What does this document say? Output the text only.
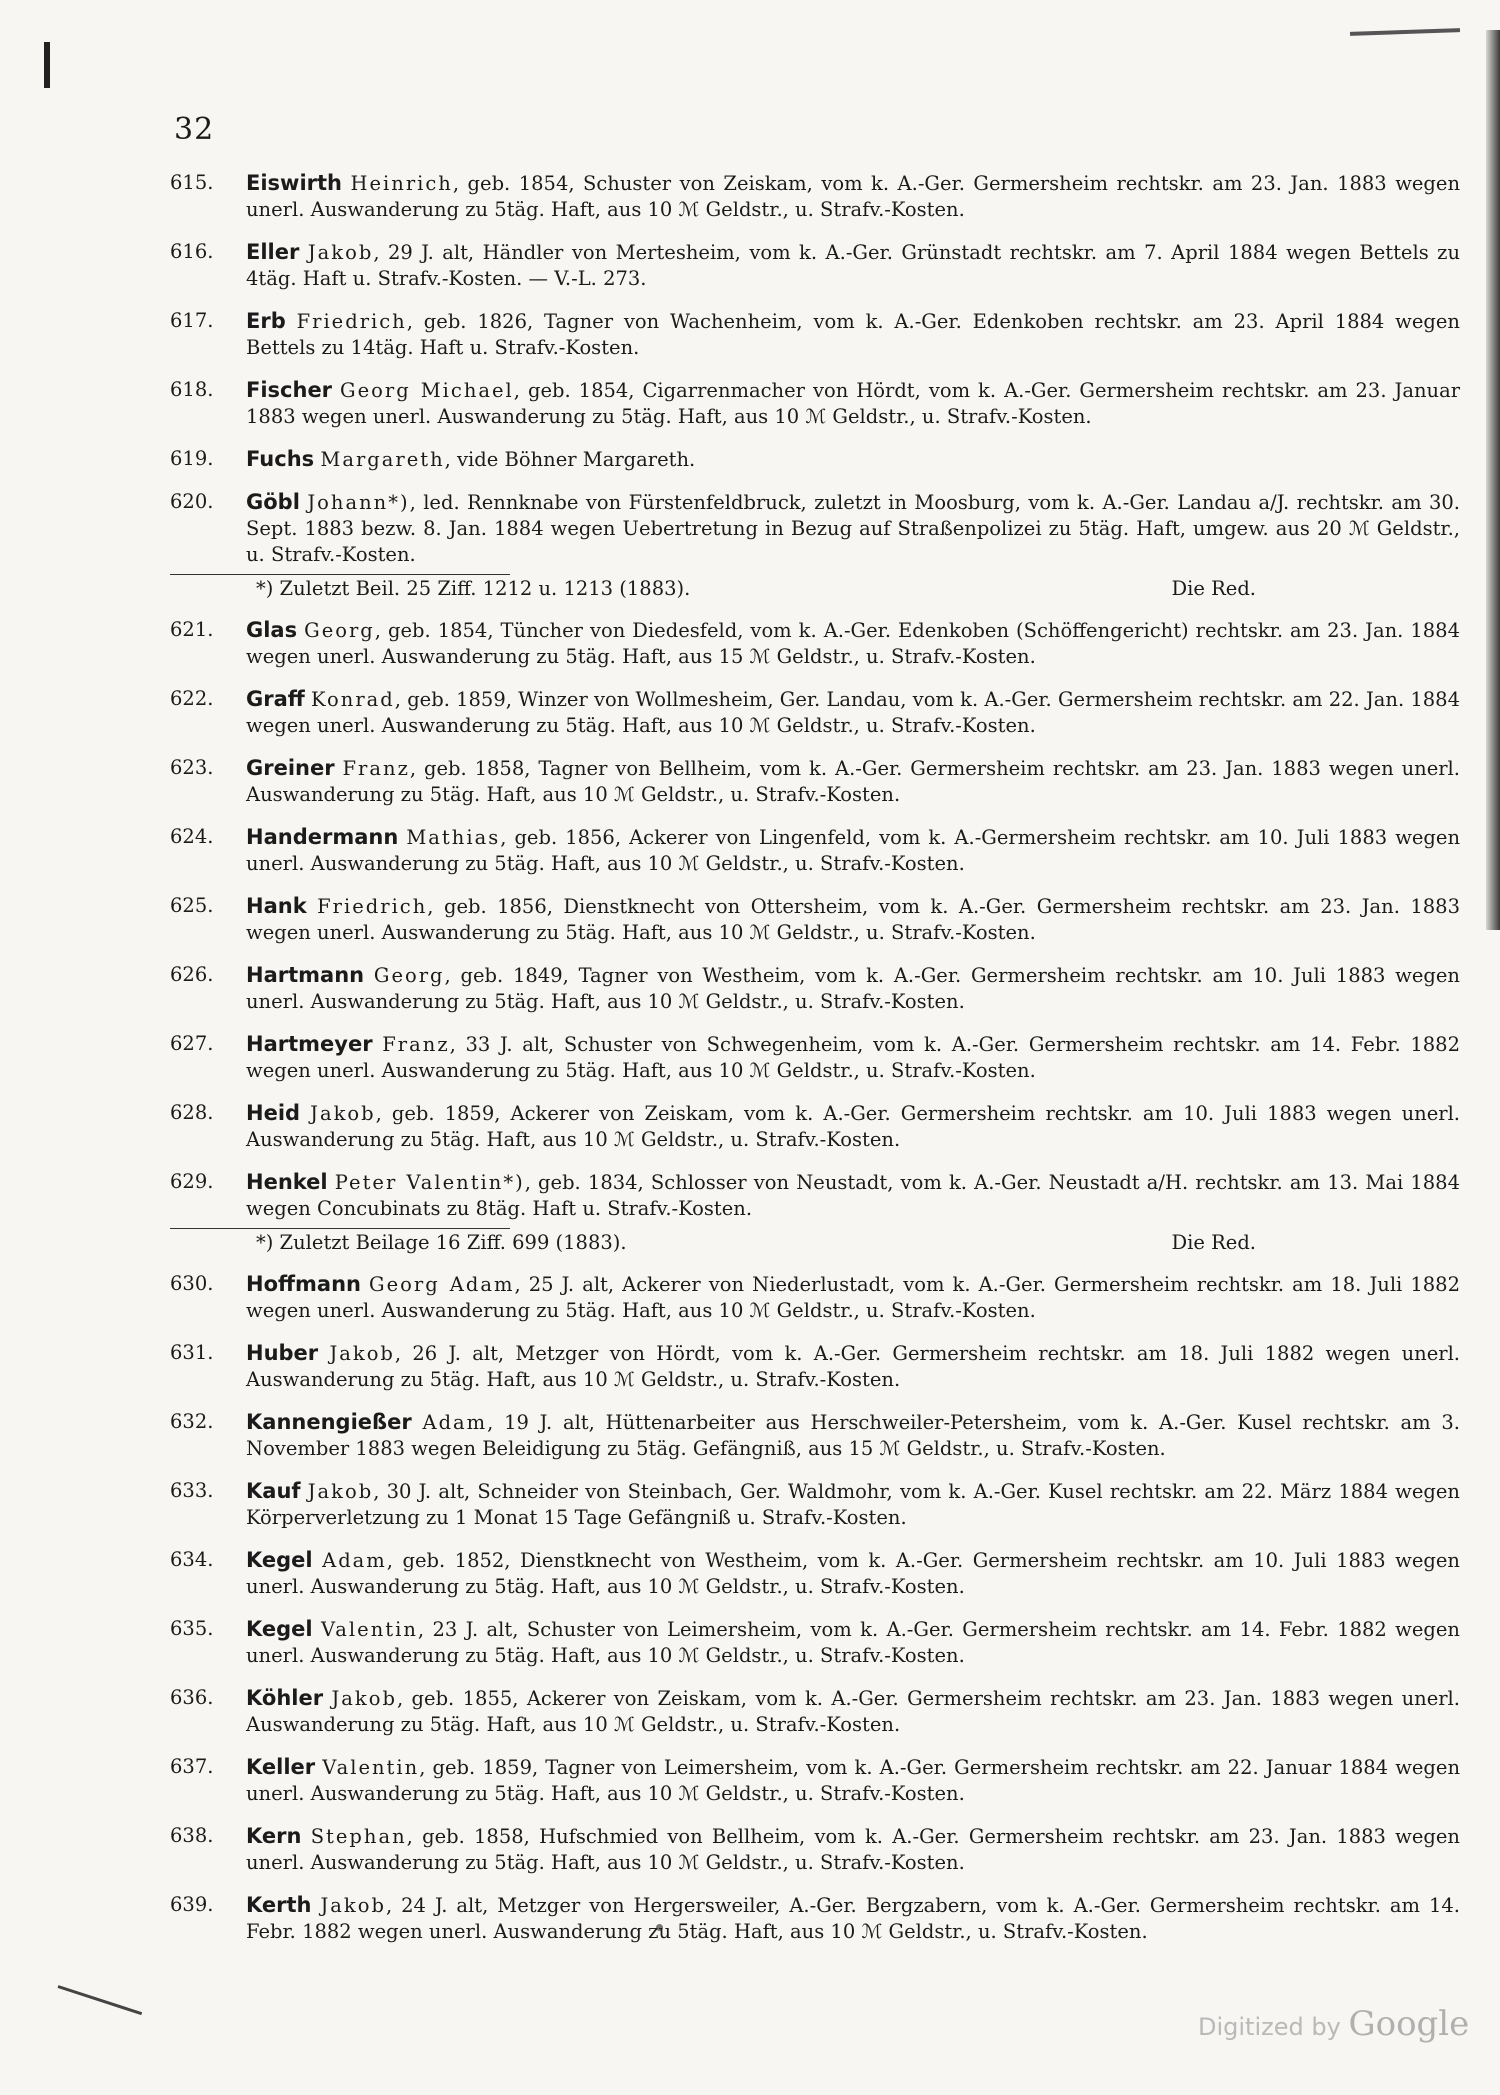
32
615.	Eiswirth Heinrich, geb. 1854, Schuster von Zeiskam, vom k. A.-Ger. Germersheim rechtskr. am 23. Jan. 1883 wegen unerl. Auswanderung zu 5täg. Haft, aus 10 ℳ Geldstr., u. Strafv.-Kosten.
616.	Eller Jakob, 29 J. alt, Händler von Mertesheim, vom k. A.-Ger. Grünstadt rechtskr. am 7. April 1884 wegen Bettels zu 4täg. Haft u. Strafv.-Kosten. — V.-L. 273.
617.	Erb Friedrich, geb. 1826, Tagner von Wachenheim, vom k. A.-Ger. Edenkoben rechtskr. am 23. April 1884 wegen Bettels zu 14täg. Haft u. Strafv.-Kosten.
618.	Fischer Georg Michael, geb. 1854, Cigarrenmacher von Hördt, vom k. A.-Ger. Germersheim rechtskr. am 23. Januar 1883 wegen unerl. Auswanderung zu 5täg. Haft, aus 10 ℳ Geldstr., u. Strafv.-Kosten.
619.	Fuchs Margareth, vide Böhner Margareth.
620.	Göbl Johann*), led. Rennknabe von Fürstenfeldbruck, zuletzt in Moosburg, vom k. A.-Ger. Landau a/J. rechtskr. am 30. Sept. 1883 bezw. 8. Jan. 1884 wegen Uebertretung in Bezug auf Straßenpolizei zu 5täg. Haft, umgew. aus 20 ℳ Geldstr., u. Strafv.-Kosten.
*) Zuletzt Beil. 25 Ziff. 1212 u. 1213 (1883).	Die Red.
621.	Glas Georg, geb. 1854, Tüncher von Diedesfeld, vom k. A.-Ger. Edenkoben (Schöffengericht) rechtskr. am 23. Jan. 1884 wegen unerl. Auswanderung zu 5täg. Haft, aus 15 ℳ Geldstr., u. Strafv.-Kosten.
622.	Graff Konrad, geb. 1859, Winzer von Wollmesheim, Ger. Landau, vom k. A.-Ger. Germersheim rechtskr. am 22. Jan. 1884 wegen unerl. Auswanderung zu 5täg. Haft, aus 10 ℳ Geldstr., u. Strafv.-Kosten.
623.	Greiner Franz, geb. 1858, Tagner von Bellheim, vom k. A.-Ger. Germersheim rechtskr. am 23. Jan. 1883 wegen unerl. Auswanderung zu 5täg. Haft, aus 10 ℳ Geldstr., u. Strafv.-Kosten.
624.	Handermann Mathias, geb. 1856, Ackerer von Lingenfeld, vom k. A.-Germersheim rechtskr. am 10. Juli 1883 wegen unerl. Auswanderung zu 5täg. Haft, aus 10 ℳ Geldstr., u. Strafv.-Kosten.
625.	Hank Friedrich, geb. 1856, Dienstknecht von Ottersheim, vom k. A.-Ger. Germersheim rechtskr. am 23. Jan. 1883 wegen unerl. Auswanderung zu 5täg. Haft, aus 10 ℳ Geldstr., u. Strafv.-Kosten.
626.	Hartmann Georg, geb. 1849, Tagner von Westheim, vom k. A.-Ger. Germersheim rechtskr. am 10. Juli 1883 wegen unerl. Auswanderung zu 5täg. Haft, aus 10 ℳ Geldstr., u. Strafv.-Kosten.
627.	Hartmeyer Franz, 33 J. alt, Schuster von Schwegenheim, vom k. A.-Ger. Germersheim rechtskr. am 14. Febr. 1882 wegen unerl. Auswanderung zu 5täg. Haft, aus 10 ℳ Geldstr., u. Strafv.-Kosten.
628.	Heid Jakob, geb. 1859, Ackerer von Zeiskam, vom k. A.-Ger. Germersheim rechtskr. am 10. Juli 1883 wegen unerl. Auswanderung zu 5täg. Haft, aus 10 ℳ Geldstr., u. Strafv.-Kosten.
629.	Henkel Peter Valentin*), geb. 1834, Schlosser von Neustadt, vom k. A.-Ger. Neustadt a/H. rechtskr. am 13. Mai 1884 wegen Concubinats zu 8täg. Haft u. Strafv.-Kosten.
*) Zuletzt Beilage 16 Ziff. 699 (1883).	Die Red.
630.	Hoffmann Georg Adam, 25 J. alt, Ackerer von Niederlustadt, vom k. A.-Ger. Germersheim rechtskr. am 18. Juli 1882 wegen unerl. Auswanderung zu 5täg. Haft, aus 10 ℳ Geldstr., u. Strafv.-Kosten.
631.	Huber Jakob, 26 J. alt, Metzger von Hördt, vom k. A.-Ger. Germersheim rechtskr. am 18. Juli 1882 wegen unerl. Auswanderung zu 5täg. Haft, aus 10 ℳ Geldstr., u. Strafv.-Kosten.
632.	Kannengießer Adam, 19 J. alt, Hüttenarbeiter aus Herschweiler-Petersheim, vom k. A.-Ger. Kusel rechtskr. am 3. November 1883 wegen Beleidigung zu 5täg. Gefängniß, aus 15 ℳ Geldstr., u. Strafv.-Kosten.
633.	Kauf Jakob, 30 J. alt, Schneider von Steinbach, Ger. Waldmohr, vom k. A.-Ger. Kusel rechtskr. am 22. März 1884 wegen Körperverletzung zu 1 Monat 15 Tage Gefängniß u. Strafv.-Kosten.
634.	Kegel Adam, geb. 1852, Dienstknecht von Westheim, vom k. A.-Ger. Germersheim rechtskr. am 10. Juli 1883 wegen unerl. Auswanderung zu 5täg. Haft, aus 10 ℳ Geldstr., u. Strafv.-Kosten.
635.	Kegel Valentin, 23 J. alt, Schuster von Leimersheim, vom k. A.-Ger. Germersheim rechtskr. am 14. Febr. 1882 wegen unerl. Auswanderung zu 5täg. Haft, aus 10 ℳ Geldstr., u. Strafv.-Kosten.
636.	Köhler Jakob, geb. 1855, Ackerer von Zeiskam, vom k. A.-Ger. Germersheim rechtskr. am 23. Jan. 1883 wegen unerl. Auswanderung zu 5täg. Haft, aus 10 ℳ Geldstr., u. Strafv.-Kosten.
637.	Keller Valentin, geb. 1859, Tagner von Leimersheim, vom k. A.-Ger. Germersheim rechtskr. am 22. Januar 1884 wegen unerl. Auswanderung zu 5täg. Haft, aus 10 ℳ Geldstr., u. Strafv.-Kosten.
638.	Kern Stephan, geb. 1858, Hufschmied von Bellheim, vom k. A.-Ger. Germersheim rechtskr. am 23. Jan. 1883 wegen unerl. Auswanderung zu 5täg. Haft, aus 10 ℳ Geldstr., u. Strafv.-Kosten.
639.	Kerth Jakob, 24 J. alt, Metzger von Hergersweiler, A.-Ger. Bergzabern, vom k. A.-Ger. Germersheim rechtskr. am 14. Febr. 1882 wegen unerl. Auswanderung zu 5täg. Haft, aus 10 ℳ Geldstr., u. Strafv.-Kosten.
Digitized by Google
